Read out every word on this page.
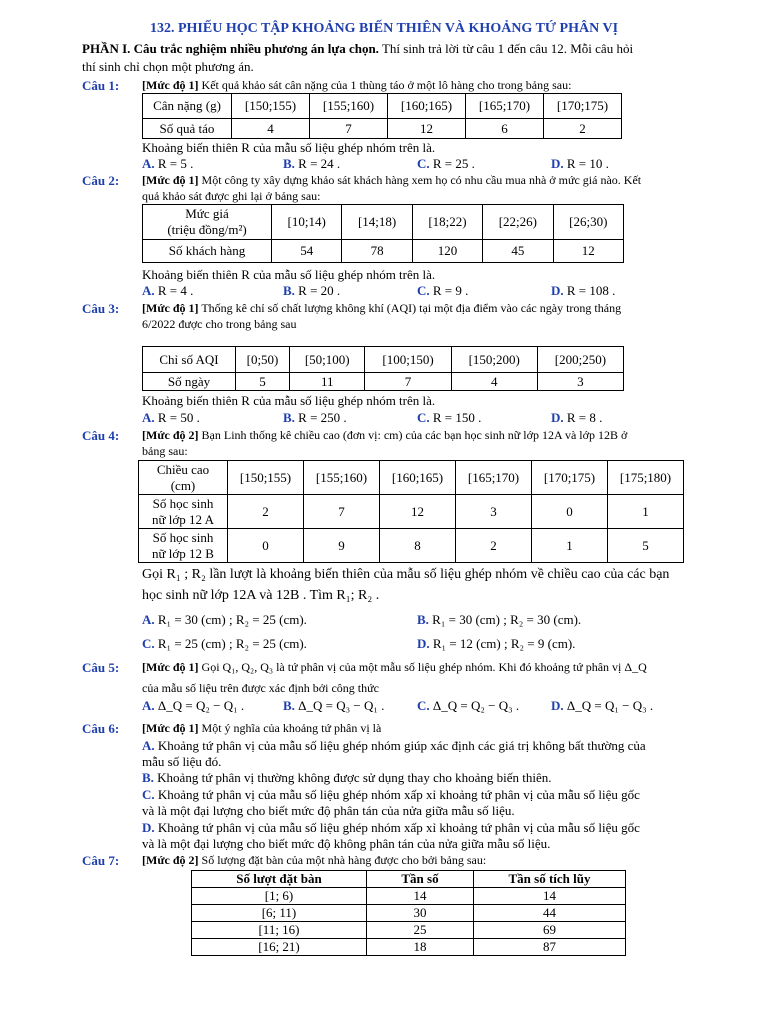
132. PHIẾU HỌC TẬP KHOẢNG BIẾN THIÊN VÀ KHOẢNG TỨ PHÂN VỊ
PHẦN I. Câu trắc nghiệm nhiều phương án lựa chọn. Thí sinh trả lời từ câu 1 đến câu 12. Mỗi câu hỏi
thí sinh chỉ chọn một phương án.
Câu 1: [Mức độ 1] Kết quả khảo sát cân nặng của 1 thùng táo ở một lô hàng cho trong bảng sau:
Cân nặng (g)	[150;155)	[155;160)	[160;165)	[165;170)	[170;175)
Số quả táo	4	7	12	6	2
Khoảng biến thiên R của mẫu số liệu ghép nhóm trên là.
A. R = 5 .	B. R = 24 .	C. R = 25 .	D. R = 10 .
Câu 2: [Mức độ 1] Một công ty xây dựng khảo sát khách hàng xem họ có nhu cầu mua nhà ở mức giá nào. Kết
quả khảo sát được ghi lại ở bảng sau:
Mức giá
(triệu đồng/m²)	[10;14)	[14;18)	[18;22)	[22;26)	[26;30)
Số khách hàng	54	78	120	45	12
Khoảng biến thiên R của mẫu số liệu ghép nhóm trên là.
A. R = 4 .	B. R = 20 .	C. R = 9 .	D. R = 108 .
Câu 3: [Mức độ 1] Thống kê chỉ số chất lượng không khí (AQI) tại một địa điểm vào các ngày trong tháng
6/2022 được cho trong bảng sau
Chỉ số AQI	[0;50)	[50;100)	[100;150)	[150;200)	[200;250)
Số ngày	5	11	7	4	3
Khoảng biến thiên R của mẫu số liệu ghép nhóm trên là.
A. R = 50 .	B. R = 250 .	C. R = 150 .	D. R = 8 .
Câu 4: [Mức độ 2] Bạn Linh thống kê chiều cao (đơn vị: cm) của các bạn học sinh nữ lớp 12A và lớp 12B ở
bảng sau:
Chiều cao
(cm)	[150;155)	[155;160)	[160;165)	[165;170)	[170;175)	[175;180)
Số học sinh
nữ lớp 12 A	2	7	12	3	0	1
Số học sinh
nữ lớp 12 B	0	9	8	2	1	5
Gọi R₁ ; R₂ lần lượt là khoảng biến thiên của mẫu số liệu ghép nhóm về chiều cao của các bạn
học sinh nữ lớp 12A và 12B . Tìm R₁; R₂ .
A. R₁ = 30 (cm) ; R₂ = 25 (cm).	B. R₁ = 30 (cm) ; R₂ = 30 (cm).
C. R₁ = 25 (cm) ; R₂ = 25 (cm).	D. R₁ = 12 (cm) ; R₂ = 9 (cm).
Câu 5: [Mức độ 1] Gọi Q₁, Q₂, Q₃ là tứ phân vị của một mẫu số liệu ghép nhóm. Khi đó khoảng tứ phân vị Δ_Q
của mẫu số liệu trên được xác định bởi công thức
A. Δ_Q = Q₂ − Q₁ .	B. Δ_Q = Q₃ − Q₁ .	C. Δ_Q = Q₂ − Q₃ . D. Δ_Q = Q₁ − Q₃ .
Câu 6: [Mức độ 1] Một ý nghĩa của khoảng tứ phân vị là
A. Khoảng tứ phân vị của mẫu số liệu ghép nhóm giúp xác định các giá trị không bất thường của
mẫu số liệu đó.
B. Khoảng tứ phân vị thường không được sử dụng thay cho khoảng biến thiên.
C. Khoảng tứ phân vị của mẫu số liệu ghép nhóm xấp xỉ khoảng tứ phân vị của mẫu số liệu gốc
và là một đại lượng cho biết mức độ phân tán của nửa giữa mẫu số liệu.
D. Khoảng tứ phân vị của mẫu số liệu ghép nhóm xấp xỉ khoảng tứ phân vị của mẫu số liệu gốc
và là một đại lượng cho biết mức độ không phân tán của nửa giữa mẫu số liệu.
Câu 7: [Mức độ 2] Số lượng đặt bàn của một nhà hàng được cho bởi bảng sau:
Số lượt đặt bàn	Tần số	Tần số tích lũy
[1; 6)	14	14
[6; 11)	30	44
[11; 16)	25	69
[16; 21)	18	87
